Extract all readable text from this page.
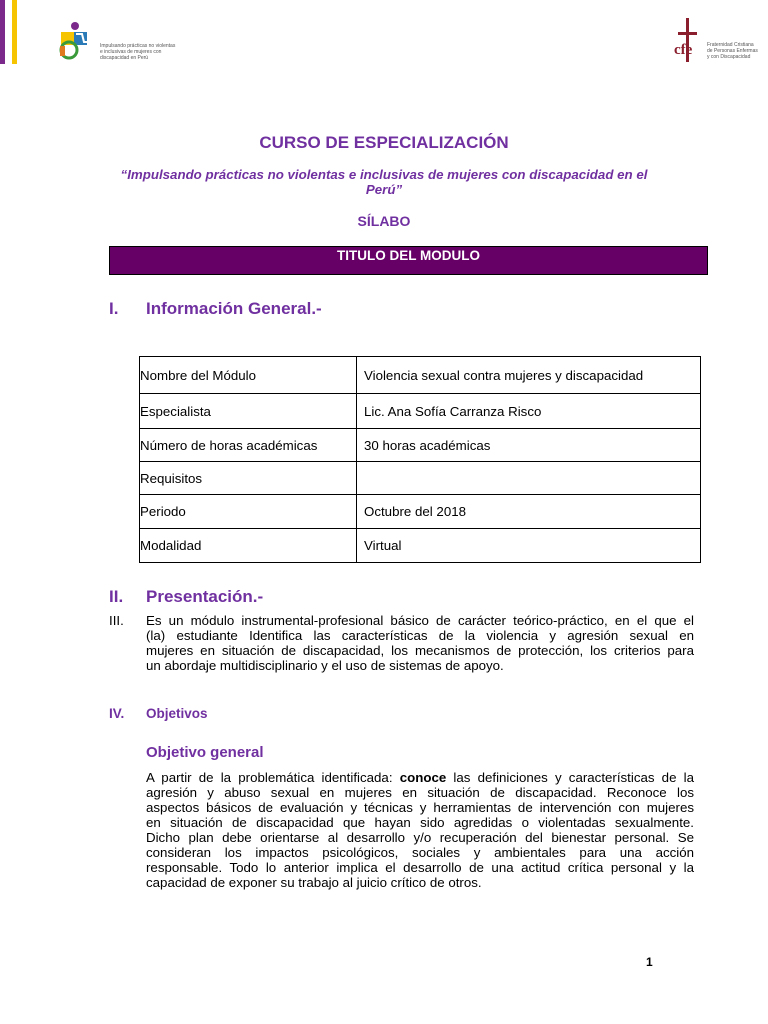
Impulsando prácticas no violentas
e inclusivas de mujeres con
discapacidad en Perú	cfe	Fraternidad Cristiana
de Personas Enfermas
y con Discapacidad
CURSO DE ESPECIALIZACIÓN
“Impulsando prácticas no violentas e inclusivas de mujeres con discapacidad en el
Perú”
SÍLABO
TITULO DEL MODULO
I. Información General.-
Nombre del Módulo	Violencia sexual contra mujeres y discapacidad
Especialista	Lic. Ana Sofía Carranza Risco
Número de horas académicas	30 horas académicas
Requisitos	
Periodo	Octubre del 2018
Modalidad	Virtual
II. Presentación.-
III. Es un módulo instrumental-profesional básico de carácter teórico-práctico, en el que el
(la) estudiante Identifica las características de la violencia y agresión sexual en
mujeres en situación de discapacidad, los mecanismos de protección, los criterios para
un abordaje multidisciplinario y el uso de sistemas de apoyo.
IV. Objetivos
Objetivo general
A partir de la problemática identificada: conoce las definiciones y características de la
agresión y abuso sexual en mujeres en situación de discapacidad. Reconoce los
aspectos básicos de evaluación y técnicas y herramientas de intervención con mujeres
en situación de discapacidad que hayan sido agredidas o violentadas sexualmente.
Dicho plan debe orientarse al desarrollo y/o recuperación del bienestar personal. Se
consideran los impactos psicológicos, sociales y ambientales para una acción
responsable. Todo lo anterior implica el desarrollo de una actitud crítica personal y la
capacidad de exponer su trabajo al juicio crítico de otros.
1
